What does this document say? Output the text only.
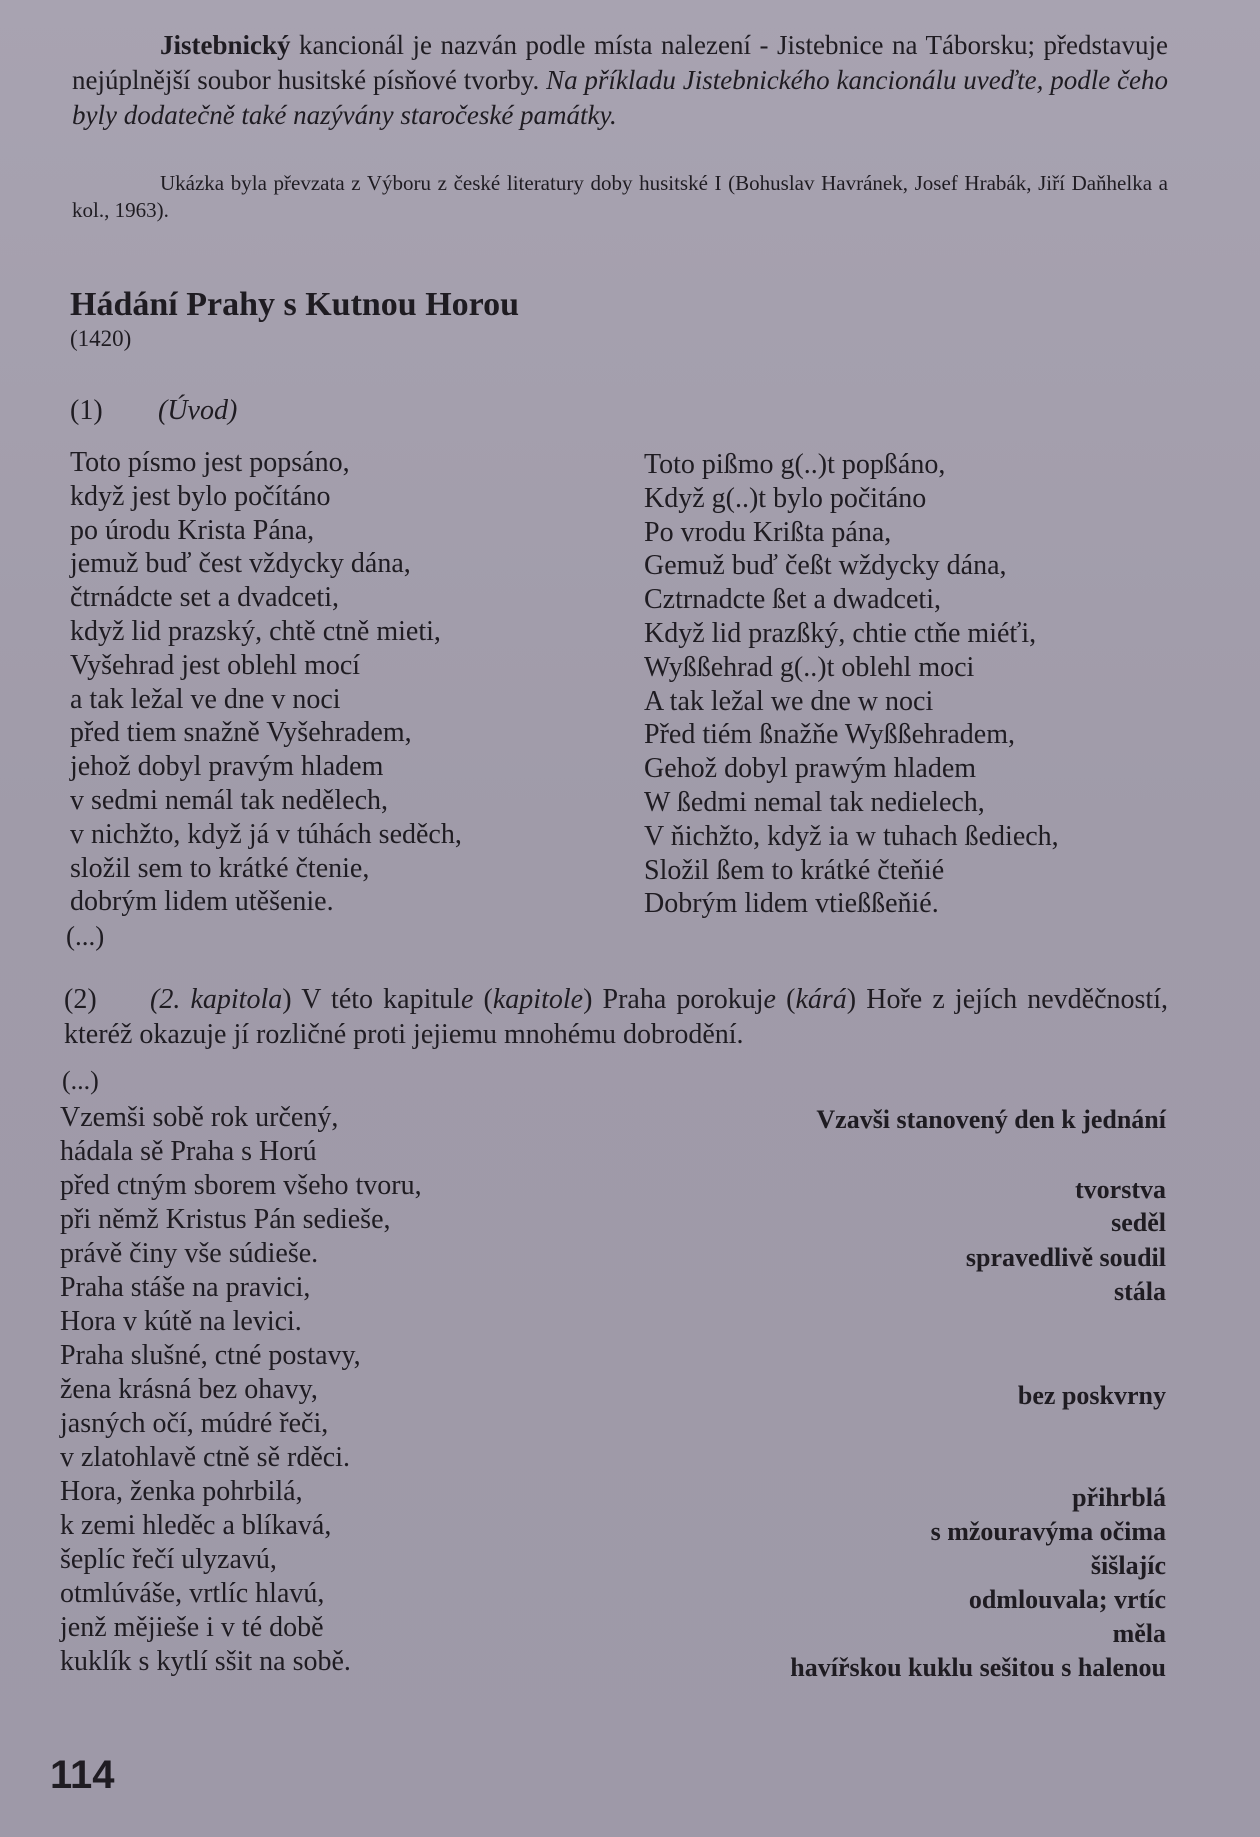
Jistebnický kancionál je nazván podle místa nalezení - Jistebnice na Táborsku; představuje nejúplnější soubor husitské písňové tvorby. Na příkladu Jistebnického kancionálu uveďte, podle čeho byly dodatečně také nazývány staročeské památky.

Ukázka byla převzata z Výboru z české literatury doby husitské I (Bohuslav Havránek, Josef Hrabák, Jiří Daňhelka a kol., 1963).

Hádání Prahy s Kutnou Horou
(1420)
(1) (Úvod)
Toto písmo jest popsáno,
když jest bylo počítáno
po úrodu Krista Pána,
jemuž buď čest vždycky dána,
čtrnádcte set a dvadceti,
když lid prazský, chtě ctně mieti,
Vyšehrad jest oblehl mocí
a tak ležal ve dne v noci
před tiem snažně Vyšehradem,
jehož dobyl pravým hladem
v sedmi nemál tak nedělech,
v nichžto, když já v túhách seděch,
složil sem to krátké čtenie,
dobrým lidem utěšenie.
Toto pißmo g(..)t popßáno,
Když g(..)t bylo počitáno
Po vrodu Krißta pána,
Gemuž buď čeßt wždycky dána,
Cztrnadcte ßet a dwadceti,
Když lid prazßký, chtie ctňe miéťi,
Wyßßehrad g(..)t oblehl moci
A tak ležal we dne w noci
Před tiém ßnažňe Wyßßehradem,
Gehož dobyl prawým hladem
W ßedmi nemal tak nedielech,
V ňichžto, když ia w tuhach ßediech,
Složil ßem to krátké čteňié
Dobrým lidem vtießßeňié.
(...)

(2) (2. kapitola) V této kapitule (kapitole) Praha porokuje (kárá) Hoře z jejích nevděčností, kteréž okazuje jí rozličné proti jejiemu mnohému dobrodění.

(...)
Vzemši sobě rok určený,
hádala sě Praha s Horú
před ctným sborem všeho tvoru,
při němž Kristus Pán sedieše,
právě činy vše súdieše.
Praha stáše na pravici,
Hora v kútě na levici.
Praha slušné, ctné postavy,
žena krásná bez ohavy,
jasných očí, múdré řeči,
v zlatohlavě ctně sě rděci.
Hora, ženka pohrbilá,
k zemi hleděc a blíkavá,
šeplíc řečí ulyzavú,
otmlúváše, vrtlíc hlavú,
jenž mějieše i v té době
kuklík s kytlí sšit na sobě.

Vzavši stanovený den k jednání

tvorstva

seděl

spravedlivě soudil

stála

bez poskvrny

přihrblá

s mžouravýma očima

šišlajíc

odmlouvala; vrtíc

měla

havířskou kuklu sešitou s halenou

114
